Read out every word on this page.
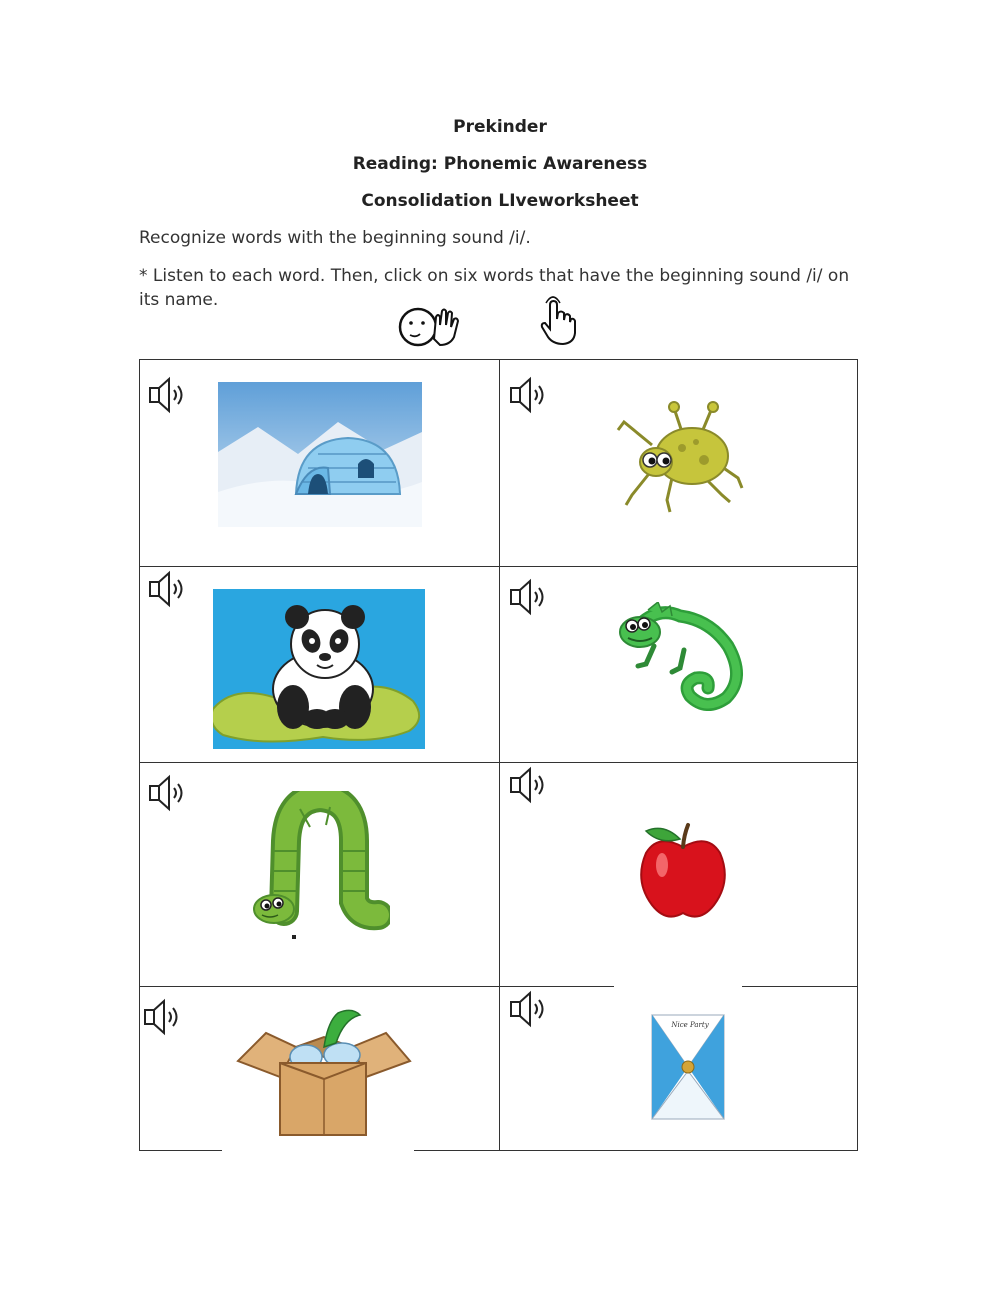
Prekinder
Reading: Phonemic Awareness
Consolidation LIveworksheet
Recognize words with the beginning sound /i/.
* Listen to each word. Then, click on six words that have the beginning sound /i/ on its name.
Nice Party
